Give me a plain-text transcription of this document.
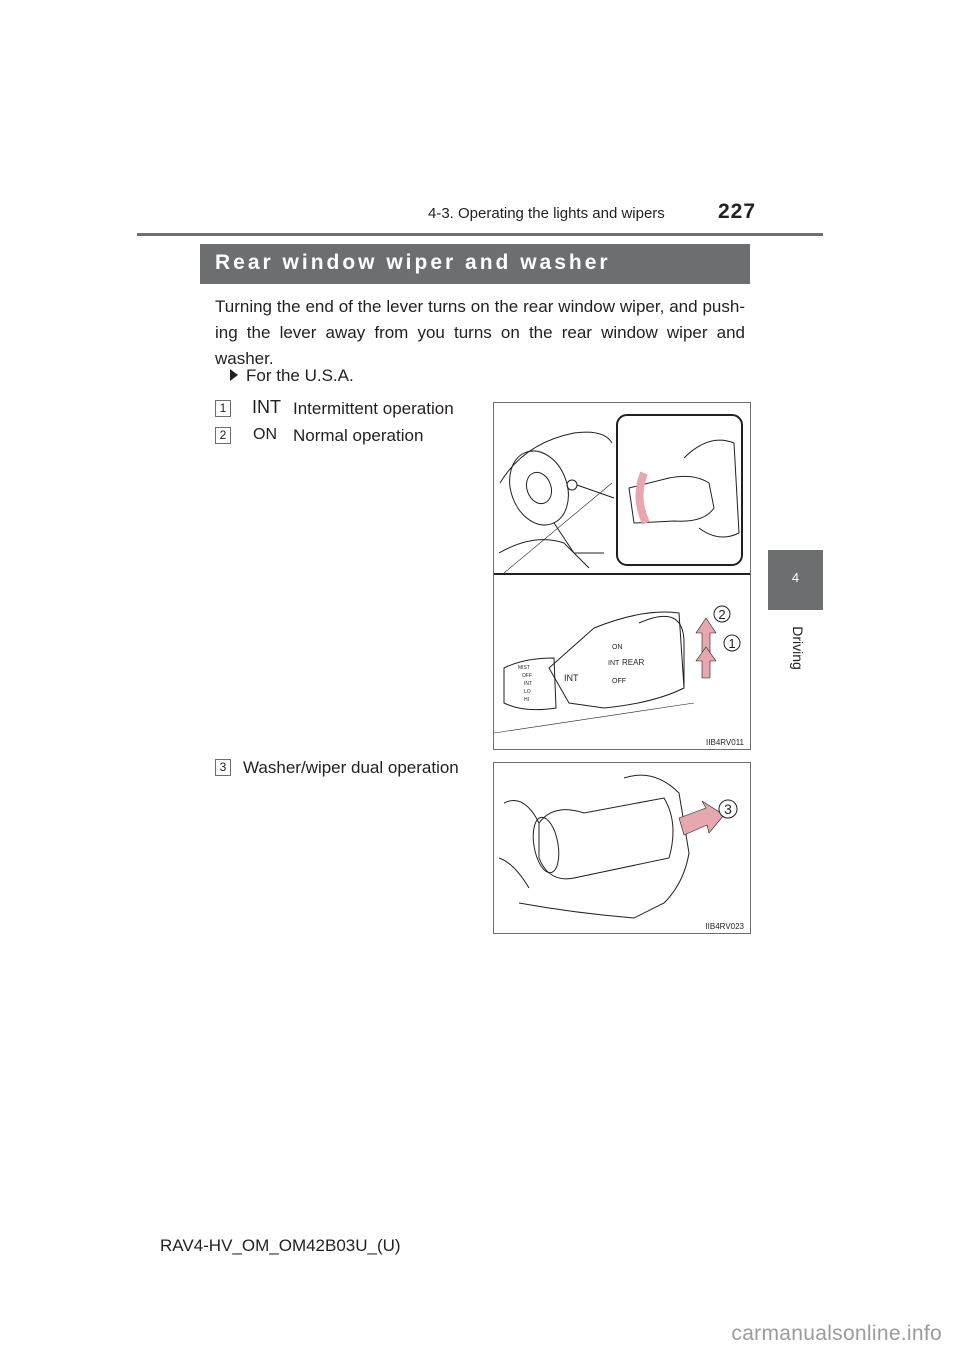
4-3. Operating the lights and wipers	227
4
Driving
Rear window wiper and washer

Turning the end of the lever turns on the rear window wiper, and push-ing the lever away from you turns on the rear window wiper and washer.

For the U.S.A.
1 INT Intermittent operation
2 ON Normal operation
3 Washer/wiper dual operation
2
1
ON
INT
OFF
REAR
INT
MIST
OFF
INT
LO
HI
IIB4RV011
3
IIB4RV023
RAV4-HV_OM_OM42B03U_(U)
carmanualsonline.info
